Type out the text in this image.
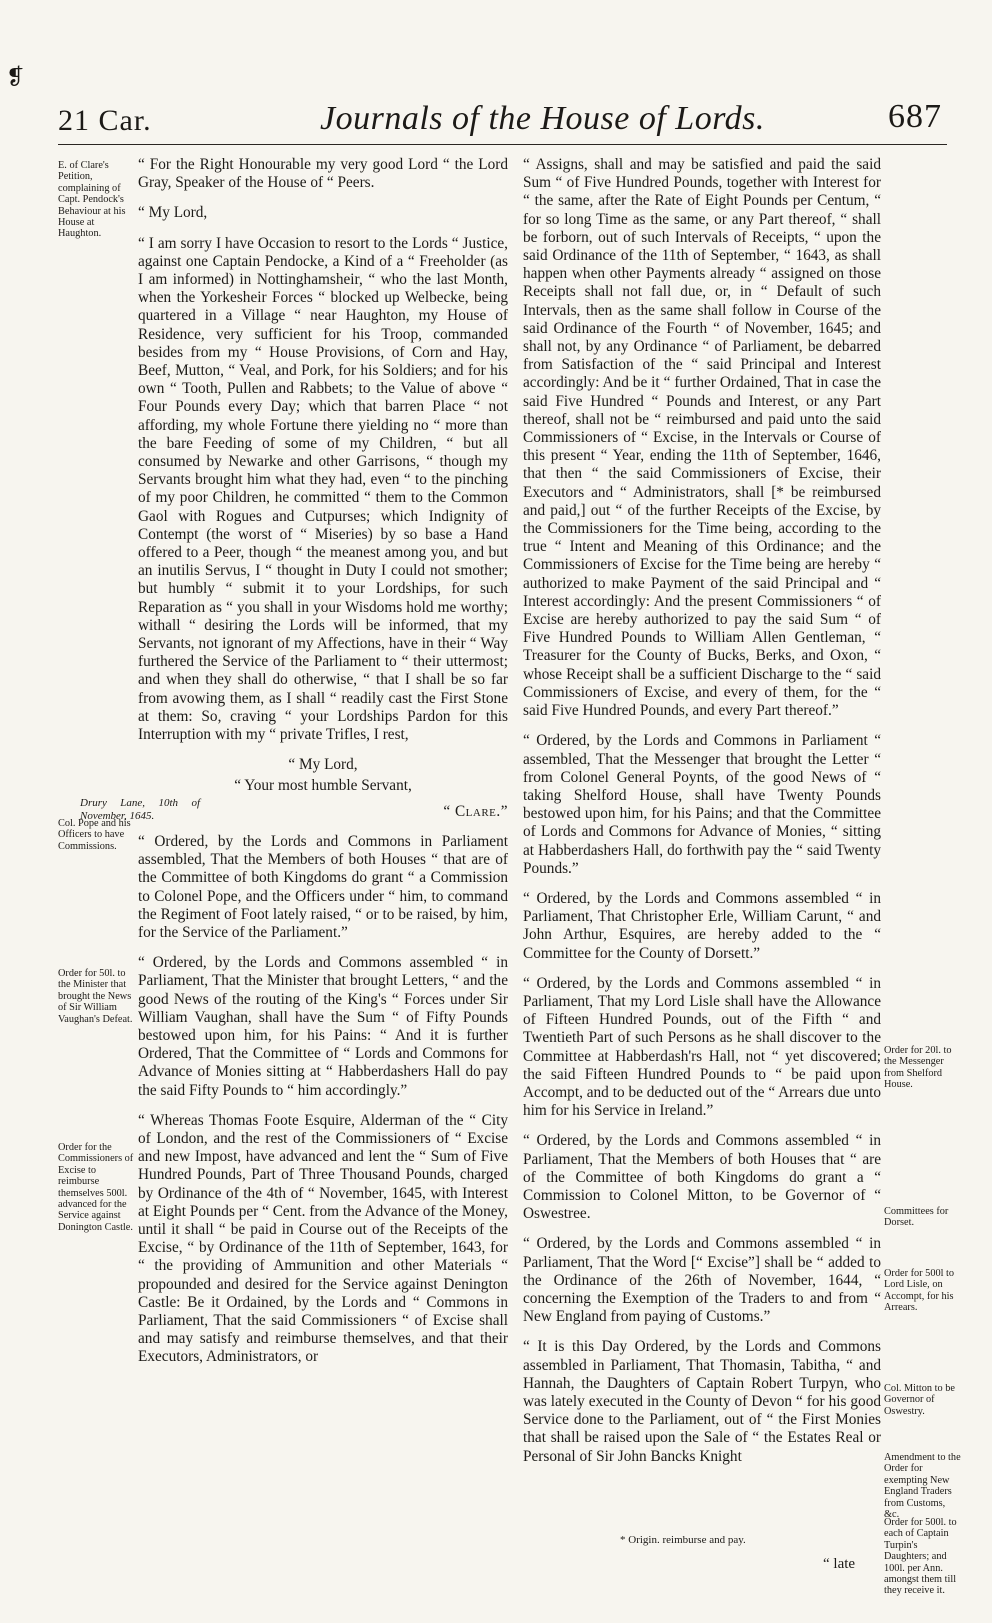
❡
21 Car.	Journals of the House of Lords.	687
E. of Clare's Petition, complaining of Capt. Pendock's Behaviour at his House at Haughton.
Col. Pope and his Officers to have Commissions.
Order for 50l. to the Minister that brought the News of Sir William Vaughan's Defeat.
Order for the Commissioners of Excise to reimburse themselves 500l. advanced for the Service against Donington Castle.
Order for 20l. to the Messenger from Shelford House.
Committees for Dorset.
Order for 500l to Lord Lisle, on Accompt, for his Arrears.
Col. Mitton to be Governor of Oswestry.
Amendment to the Order for exempting New England Traders from Customs, &c.
Order for 500l. to each of Captain Turpin's Daughters; and 100l. per Ann. amongst them till they receive it.

“ For the Right Honourable my very good Lord “ the Lord Gray, Speaker of the House of “ Peers.

“ My Lord,

“ I am sorry I have Occasion to resort to the Lords “ Justice, against one Captain Pendocke, a Kind of a “ Freeholder (as I am informed) in Nottinghamsheir, “ who the last Month, when the Yorkesheir Forces “ blocked up Welbecke, being quartered in a Village “ near Haughton, my House of Residence, very sufficient for his Troop, commanded besides from my “ House Provisions, of Corn and Hay, Beef, Mutton, “ Veal, and Pork, for his Soldiers; and for his own “ Tooth, Pullen and Rabbets; to the Value of above “ Four Pounds every Day; which that barren Place “ not affording, my whole Fortune there yielding no “ more than the bare Feeding of some of my Children, “ but all consumed by Newarke and other Garrisons, “ though my Servants brought him what they had, even “ to the pinching of my poor Children, he committed “ them to the Common Gaol with Rogues and Cutpurses; which Indignity of Contempt (the worst of “ Miseries) by so base a Hand offered to a Peer, though “ the meanest among you, and but an inutilis Servus, I “ thought in Duty I could not smother; but humbly “ submit it to your Lordships, for such Reparation as “ you shall in your Wisdoms hold me worthy; withall “ desiring the Lords will be informed, that my Servants, not ignorant of my Affections, have in their “ Way furthered the Service of the Parliament to “ their uttermost; and when they shall do otherwise, “ that I shall be so far from avowing them, as I shall “ readily cast the First Stone at them: So, craving “ your Lordships Pardon for this Interruption with my “ private Trifles, I rest,

“ My Lord,

“ Your most humble Servant,

Drury Lane, 10th of November, 1645.	“ Clare.”

“ Ordered, by the Lords and Commons in Parliament assembled, That the Members of both Houses “ that are of the Committee of both Kingdoms do grant “ a Commission to Colonel Pope, and the Officers under “ him, to command the Regiment of Foot lately raised, “ or to be raised, by him, for the Service of the Parliament.”

“ Ordered, by the Lords and Commons assembled “ in Parliament, That the Minister that brought Letters, “ and the good News of the routing of the King's “ Forces under Sir William Vaughan, shall have the Sum “ of Fifty Pounds bestowed upon him, for his Pains: “ And it is further Ordered, That the Committee of “ Lords and Commons for Advance of Monies sitting at “ Habberdashers Hall do pay the said Fifty Pounds to “ him accordingly.”

“ Whereas Thomas Foote Esquire, Alderman of the “ City of London, and the rest of the Commissioners of “ Excise and new Impost, have advanced and lent the “ Sum of Five Hundred Pounds, Part of Three Thousand Pounds, charged by Ordinance of the 4th of “ November, 1645, with Interest at Eight Pounds per “ Cent. from the Advance of the Money, until it shall “ be paid in Course out of the Receipts of the Excise, “ by Ordinance of the 11th of September, 1643, for “ the providing of Ammunition and other Materials “ propounded and desired for the Service against Denington Castle: Be it Ordained, by the Lords and “ Commons in Parliament, That the said Commissioners “ of Excise shall and may satisfy and reimburse themselves, and that their Executors, Administrators, or

“ Assigns, shall and may be satisfied and paid the said Sum “ of Five Hundred Pounds, together with Interest for “ the same, after the Rate of Eight Pounds per Centum, “ for so long Time as the same, or any Part thereof, “ shall be forborn, out of such Intervals of Receipts, “ upon the said Ordinance of the 11th of September, “ 1643, as shall happen when other Payments already “ assigned on those Receipts shall not fall due, or, in “ Default of such Intervals, then as the same shall follow in Course of the said Ordinance of the Fourth “ of November, 1645; and shall not, by any Ordinance “ of Parliament, be debarred from Satisfaction of the “ said Principal and Interest accordingly: And be it “ further Ordained, That in case the said Five Hundred “ Pounds and Interest, or any Part thereof, shall not be “ reimbursed and paid unto the said Commissioners of “ Excise, in the Intervals or Course of this present “ Year, ending the 11th of September, 1646, that then “ the said Commissioners of Excise, their Executors and “ Administrators, shall [* be reimbursed and paid,] out “ of the further Receipts of the Excise, by the Commissioners for the Time being, according to the true “ Intent and Meaning of this Ordinance; and the Commissioners of Excise for the Time being are hereby “ authorized to make Payment of the said Principal and “ Interest accordingly: And the present Commissioners “ of Excise are hereby authorized to pay the said Sum “ of Five Hundred Pounds to William Allen Gentleman, “ Treasurer for the County of Bucks, Berks, and Oxon, “ whose Receipt shall be a sufficient Discharge to the “ said Commissioners of Excise, and every of them, for the “ said Five Hundred Pounds, and every Part thereof.”

“ Ordered, by the Lords and Commons in Parliament “ assembled, That the Messenger that brought the Letter “ from Colonel General Poynts, of the good News of “ taking Shelford House, shall have Twenty Pounds bestowed upon him, for his Pains; and that the Committee of Lords and Commons for Advance of Monies, “ sitting at Habberdashers Hall, do forthwith pay the “ said Twenty Pounds.”

“ Ordered, by the Lords and Commons assembled “ in Parliament, That Christopher Erle, William Carunt, “ and John Arthur, Esquires, are hereby added to the “ Committee for the County of Dorsett.”

“ Ordered, by the Lords and Commons assembled “ in Parliament, That my Lord Lisle shall have the Allowance of Fifteen Hundred Pounds, out of the Fifth “ and Twentieth Part of such Persons as he shall discover to the Committee at Habberdash'rs Hall, not “ yet discovered; the said Fifteen Hundred Pounds to “ be paid upon Accompt, and to be deducted out of the “ Arrears due unto him for his Service in Ireland.”

“ Ordered, by the Lords and Commons assembled “ in Parliament, That the Members of both Houses that “ are of the Committee of both Kingdoms do grant a “ Commission to Colonel Mitton, to be Governor of “ Oswestree.

“ Ordered, by the Lords and Commons assembled “ in Parliament, That the Word [“ Excise”] shall be “ added to the Ordinance of the 26th of November, 1644, “ concerning the Exemption of the Traders to and from “ New England from paying of Customs.”

“ It is this Day Ordered, by the Lords and Commons assembled in Parliament, That Thomasin, Tabitha, “ and Hannah, the Daughters of Captain Robert Turpyn, who was lately executed in the County of Devon “ for his good Service done to the Parliament, out of “ the First Monies that shall be raised upon the Sale of “ the Estates Real or Personal of Sir John Bancks Knight

* Origin. reimburse and pay.
“ late
